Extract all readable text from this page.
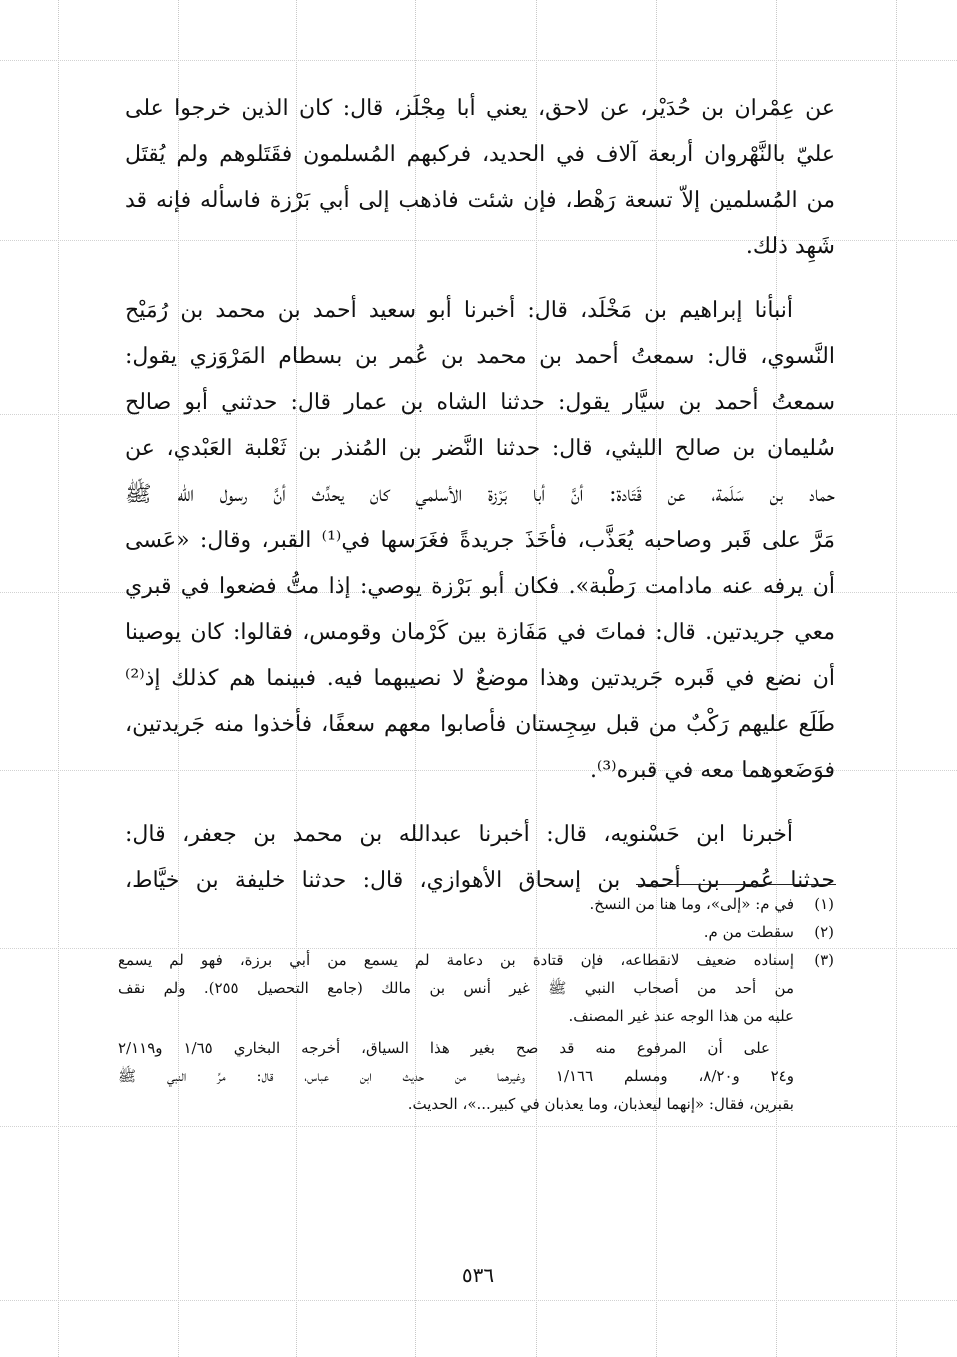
عن عِمْران بن حُدَيْر، عن لاحق، يعني أبا مِجْلَز، قال: كان الذين خرجوا على
عليّ بالنَّهْروان أربعة آلاف في الحديد، فركبهم المُسلمون فقَتَلوهم ولم يُقتَل
من المُسلمين إلاّ تسعة رَهْط، فإن شئت فاذهب إلى أبي بَرْزة فاسأله فإنه قد
شَهِد ذلك.
أنبأنا إبراهيم بن مَخْلَد، قال: أخبرنا أبو سعيد أحمد بن محمد بن رُمَيْح
النَّسوي، قال: سمعتُ أحمد بن محمد بن عُمر بن بسطام المَرْوَزي يقول:
سمعتُ أحمد بن سيَّار يقول: حدثنا الشاه بن عمار قال: حدثني أبو صالح
سُليمان بن صالح الليثي، قال: حدثنا النَّضر بن المُنذر بن ثَعْلبة العَبْدي، عن
حماد بن سَلَمة، عن قَتَادة: أنَّ أبا بَرْزة الأسلمي كان يحدِّث أنَّ رسول الله ﷺ
مَرَّ على قَبر وصاحبه يُعَذَّب، فأخَذَ جريدةً فغَرَسها في⁽¹⁾ القبر، وقال: «عَسى
أن يرفه عنه مادامت رَطْبة». فكان أبو بَرْزة يوصي: إذا متُّ فضعوا في قبري
معي جريدتين. قال: فماتَ في مَفَازة بين كَرْمان وقومس، فقالوا: كان يوصينا
أن نضع في قَبره جَريدتين وهذا موضعٌ لا نصيبهما فيه. فبينما هم كذلك إذ⁽²⁾
طَلَع عليهم رَكْبٌ من قبل سِجِستان فأصابوا معهم سعفًا، فأخذوا منه جَريدتين،
فوَضَعوهما معه في قبره⁽³⁾.
أخبرنا ابن حَسْنويه، قال: أخبرنا عبدالله بن محمد بن جعفر، قال:
حدثنا عُمر بن أحمد بن إسحاق الأهوازي، قال: حدثنا خليفة بن خيَّاط،
(١)
في م: «إلى»، وما هنا من النسخ.
(٢)
سقطت من م.
(٣)
إسناده ضعيف لانقطاعه، فإن قتادة بن دعامة لم يسمع من أبي برزة، فهو لم يسمع
من أحد من أصحاب النبي ﷺ غير أنس بن مالك (جامع التحصيل ٢٥٥). ولم نقف
عليه من هذا الوجه عند غير المصنف.
على أن المرفوع منه قد صح بغير هذا السياق، أخرجه البخاري ١/٦٥ و٢/١١٩
و٢٤ و٨/٢٠، ومسلم ١/١٦٦ وغيرهما من حديث ابن عباس، قال: مرَّ النبي ﷺ
بقبرين، فقال: «إنهما ليعذبان، وما يعذبان في كبير...»، الحديث.
٥٣٦
